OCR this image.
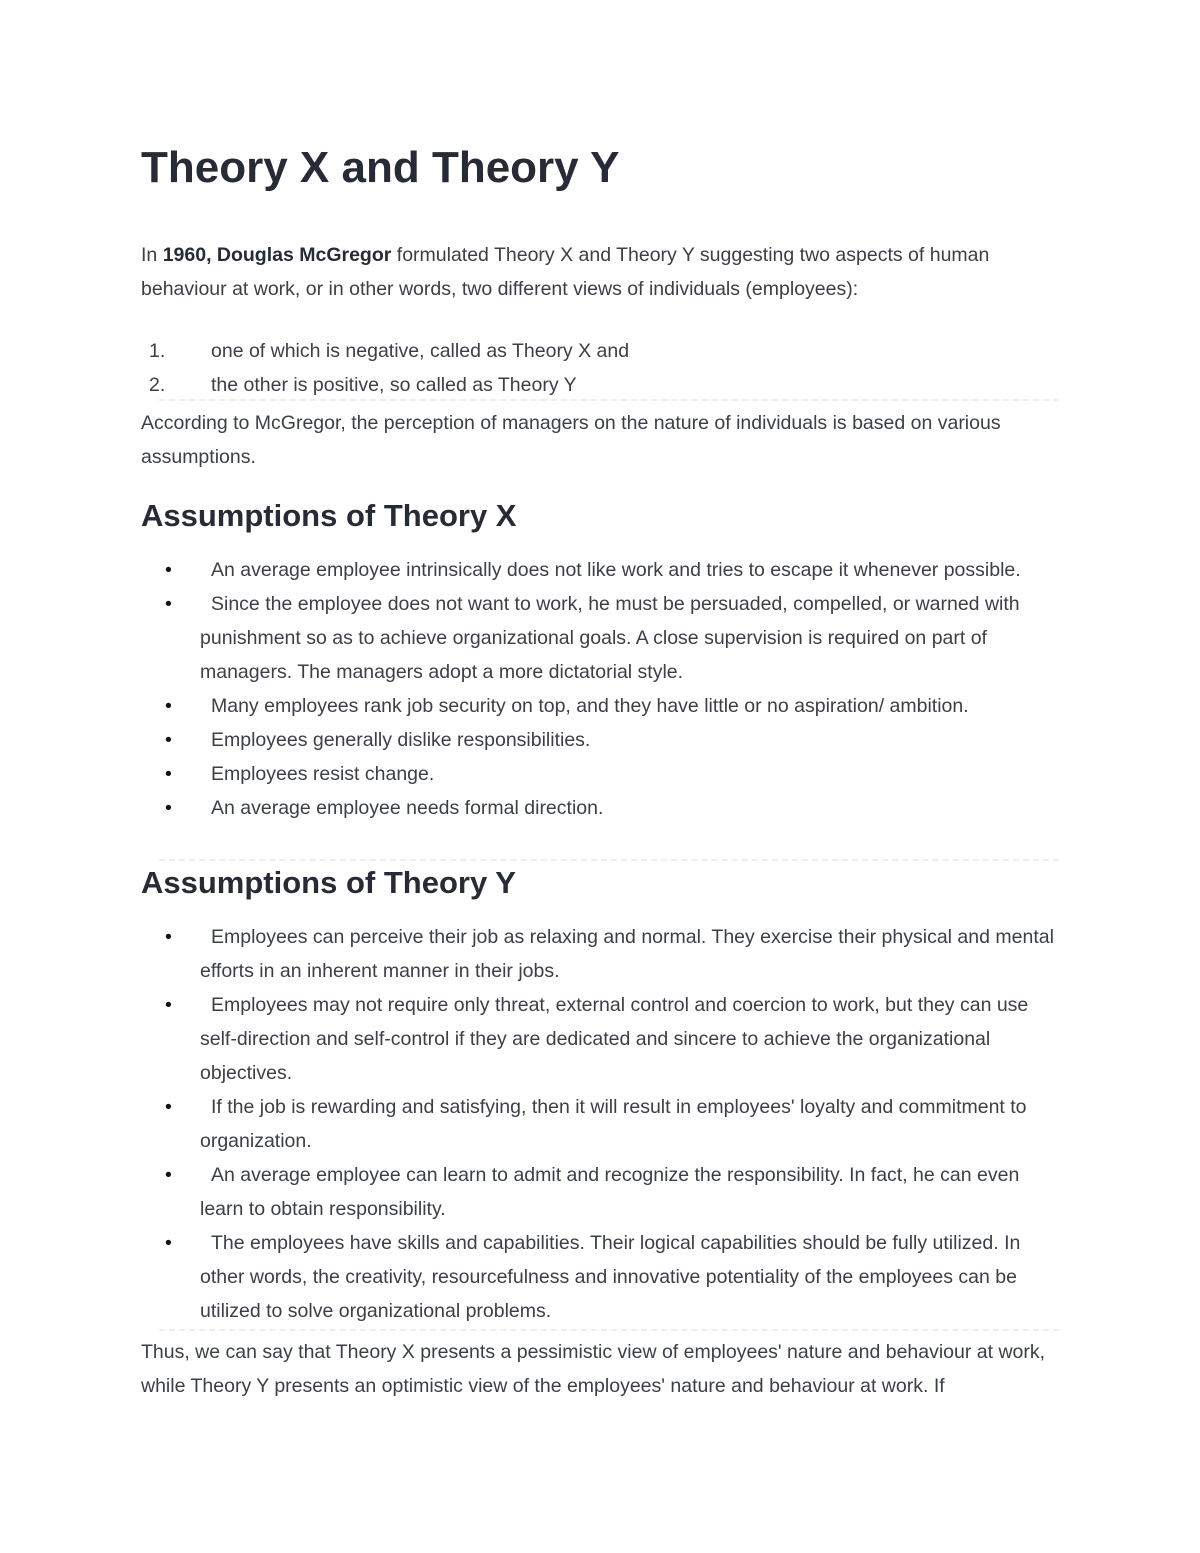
Theory X and Theory Y

In 1960, Douglas McGregor formulated Theory X and Theory Y suggesting two aspects of human behaviour at work, or in other words, two different views of individuals (employees):

1. one of which is negative, called as Theory X and
2. the other is positive, so called as Theory Y

According to McGregor, the perception of managers on the nature of individuals is based on various assumptions.

Assumptions of Theory X
•	An average employee intrinsically does not like work and tries to escape it whenever possible.
•	Since the employee does not want to work, he must be persuaded, compelled, or warned with punishment so as to achieve organizational goals. A close supervision is required on part of managers. The managers adopt a more dictatorial style.
•	Many employees rank job security on top, and they have little or no aspiration/ ambition.
•	Employees generally dislike responsibilities.
•	Employees resist change.
•	An average employee needs formal direction.
Assumptions of Theory Y
•	Employees can perceive their job as relaxing and normal. They exercise their physical and mental efforts in an inherent manner in their jobs.
•	Employees may not require only threat, external control and coercion to work, but they can use self-direction and self-control if they are dedicated and sincere to achieve the organizational objectives.
•	If the job is rewarding and satisfying, then it will result in employees' loyalty and commitment to organization.
•	An average employee can learn to admit and recognize the responsibility. In fact, he can even learn to obtain responsibility.
•	The employees have skills and capabilities. Their logical capabilities should be fully utilized. In other words, the creativity, resourcefulness and innovative potentiality of the employees can be utilized to solve organizational problems.

Thus, we can say that Theory X presents a pessimistic view of employees' nature and behaviour at work, while Theory Y presents an optimistic view of the employees' nature and behaviour at work. If
